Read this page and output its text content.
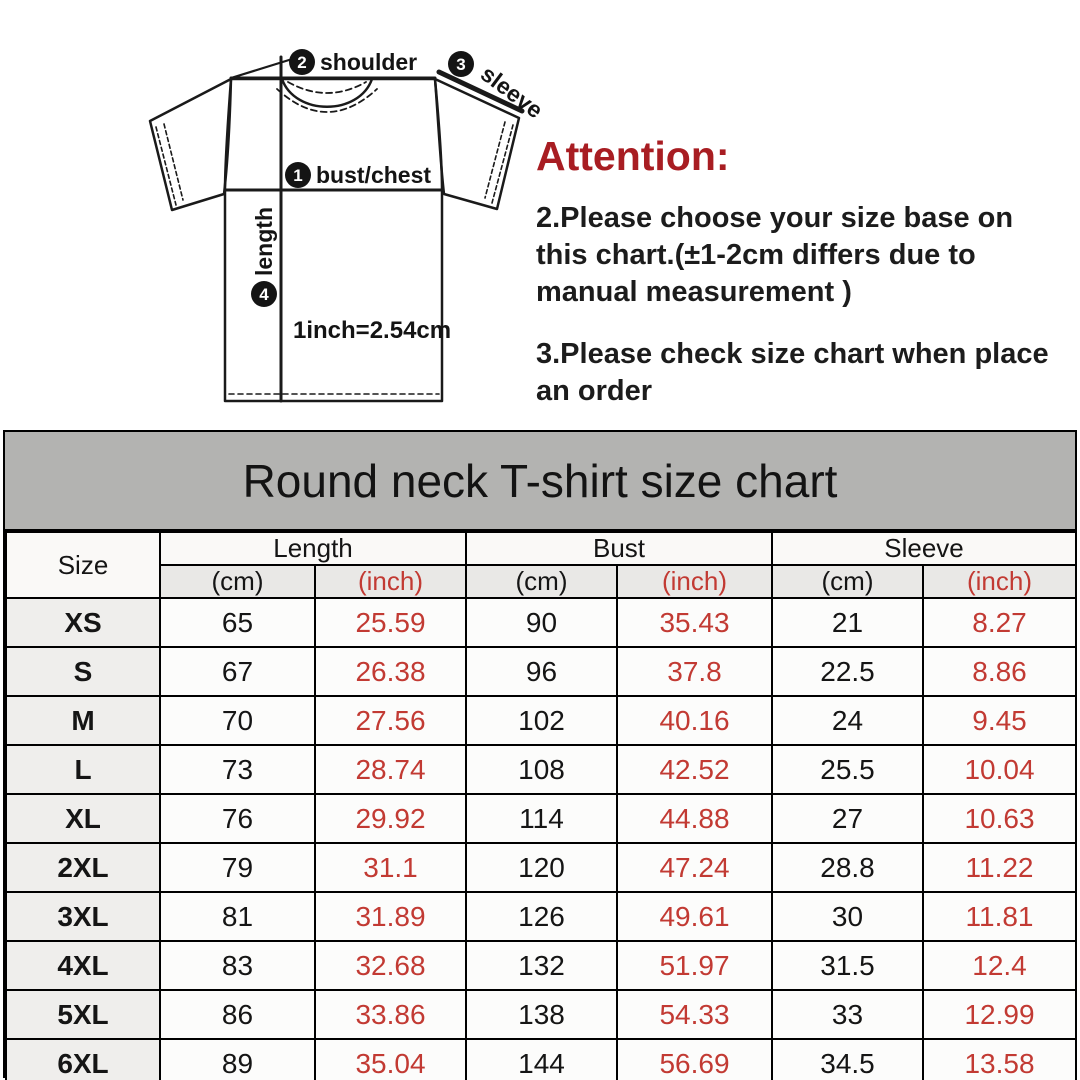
2 shoulder 3 sleeve
1 bust/chest
4
length
1inch=2.54cm
Attention:
2.Please choose your size base on
this chart.(±1-2cm differs due to
manual measurement )
3.Please check size chart when place
an order
Round neck T-shirt size chart
Size	Length		Bust		Sleeve	
	(cm)	(inch)	(cm)	(inch)	(cm)	(inch)
XS	65	25.59	90	35.43	21	8.27
S	67	26.38	96	37.8	22.5	8.86
M	70	27.56	102	40.16	24	9.45
L	73	28.74	108	42.52	25.5	10.04
XL	76	29.92	114	44.88	27	10.63
2XL	79	31.1	120	47.24	28.8	11.22
3XL	81	31.89	126	49.61	30	11.81
4XL	83	32.68	132	51.97	31.5	12.4
5XL	86	33.86	138	54.33	33	12.99
6XL	89	35.04	144	56.69	34.5	13.58
